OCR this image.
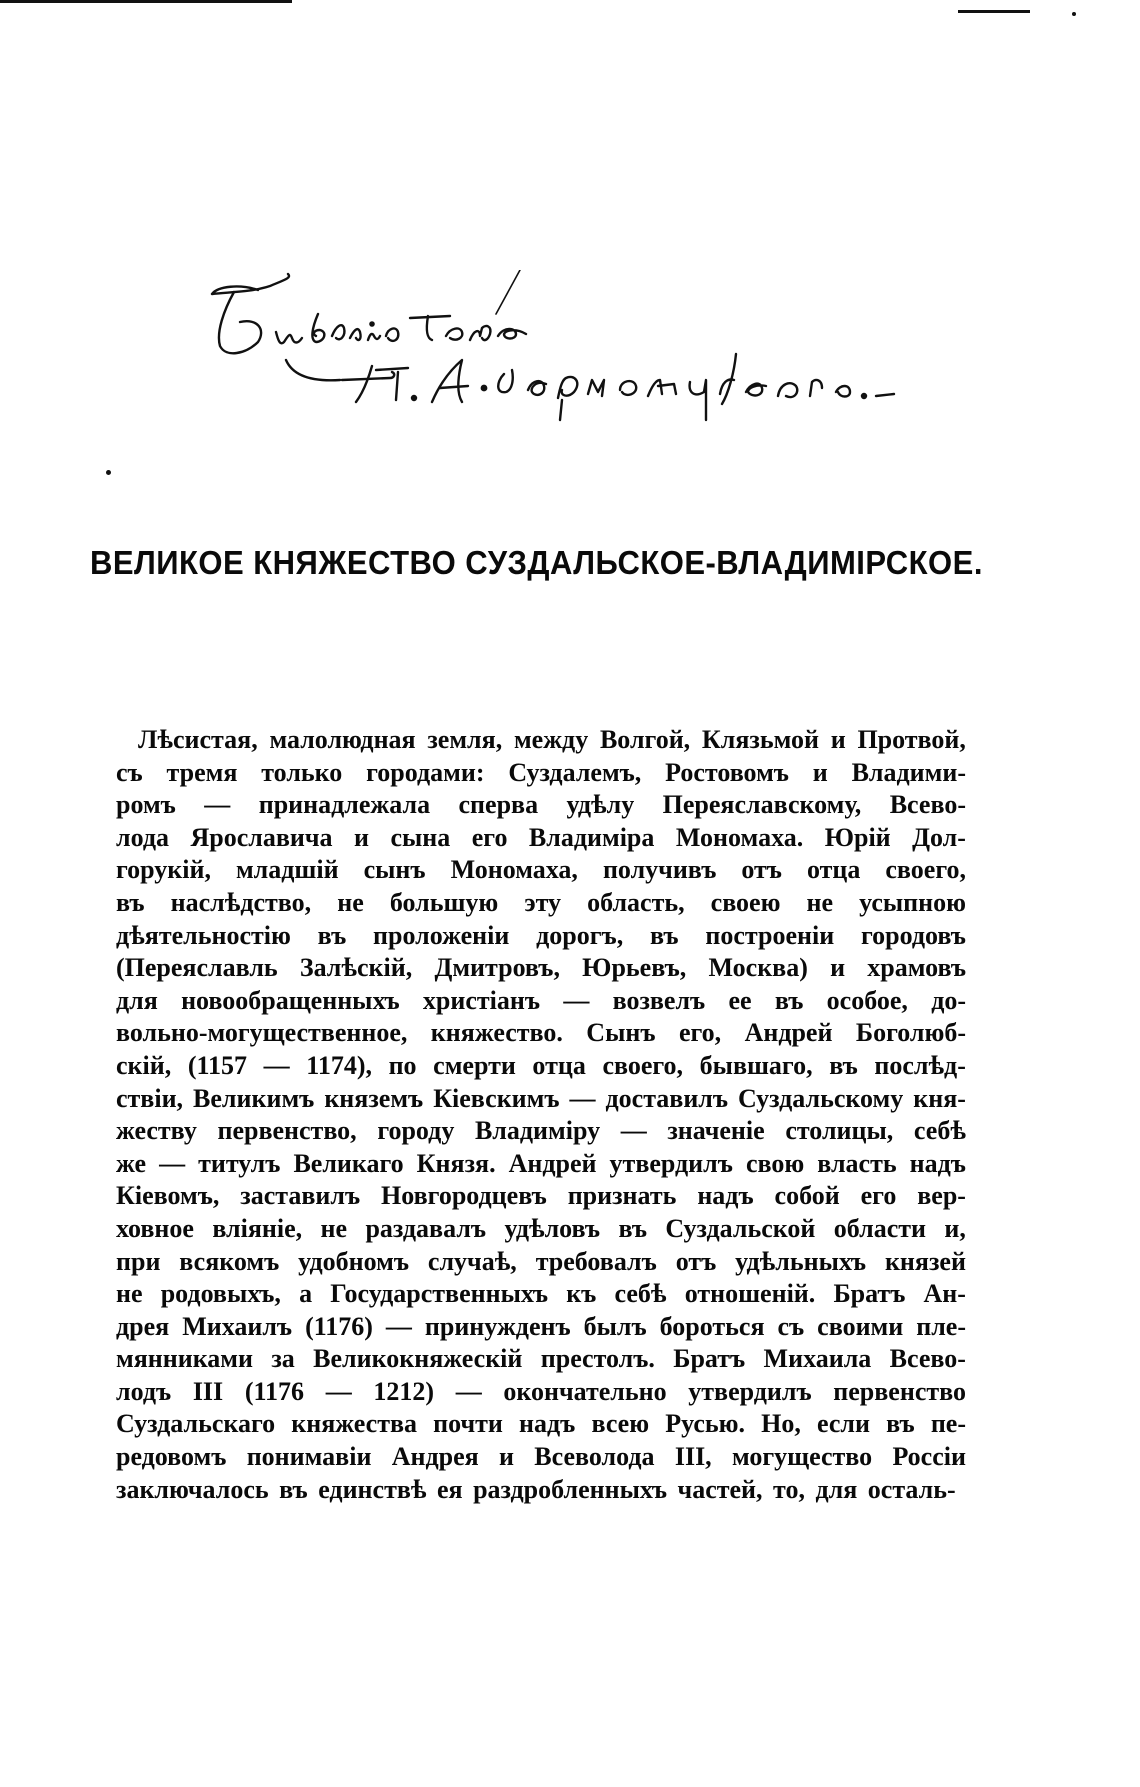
ВЕЛИКОЕ КНЯЖЕСТВО СУЗДАЛЬСКОЕ-ВЛАДИМIРСКОЕ.
Лѣсистая, малолюдная земля, между Волгой, Клязьмой и Протвой,
съ тремя только городами: Суздалемъ, Ростовомъ и Владими-
ромъ — принадлежала сперва удѣлу Переяславскому, Всево-
лода Ярославича и сына его Владимiра Мономаха. Юрiй Дол-
горукiй, младшiй сынъ Мономаха, получивъ отъ отца своего,
въ наслѣдство, не большую эту область, своею не усыпною
дѣятельностiю въ проложенiи дорогъ, въ построенiи городовъ
(Переяславль Залѣскiй, Дмитровъ, Юрьевъ, Москва) и храмовъ
для новообращенныхъ христiанъ — возвелъ ее въ особое, до-
вольно-могущественное, княжество. Сынъ его, Андрей Боголюб-
скiй, (1157 — 1174), по смерти отца своего, бывшаго, въ послѣд-
ствiи, Великимъ княземъ Кiевскимъ — доставилъ Суздальскому кня-
жеству первенство, городу Владимiру — значенiе столицы, себѣ
же — титулъ Великаго Князя. Андрей утвердилъ свою власть надъ
Кiевомъ, заставилъ Новгородцевъ признать надъ собой его вер-
ховное влiянiе, не раздавалъ удѣловъ въ Суздальской области и,
при всякомъ удобномъ случаѣ, требовалъ отъ удѣльныхъ князей
не родовыхъ, а Государственныхъ къ себѣ отношенiй. Братъ Ан-
дрея Михаилъ (1176) — принужденъ былъ бороться съ своими пле-
мянниками за Великокняжескiй престолъ. Братъ Михаила Всево-
лодъ III (1176 — 1212) — окончательно утвердилъ первенство
Суздальскаго княжества почти надъ всею Русью. Но, если въ пе-
редовомъ понимавiи Андрея и Всеволода III, могущество Россiи
заключалось въ единствѣ ея раздробленныхъ частей, то, для осталь-
